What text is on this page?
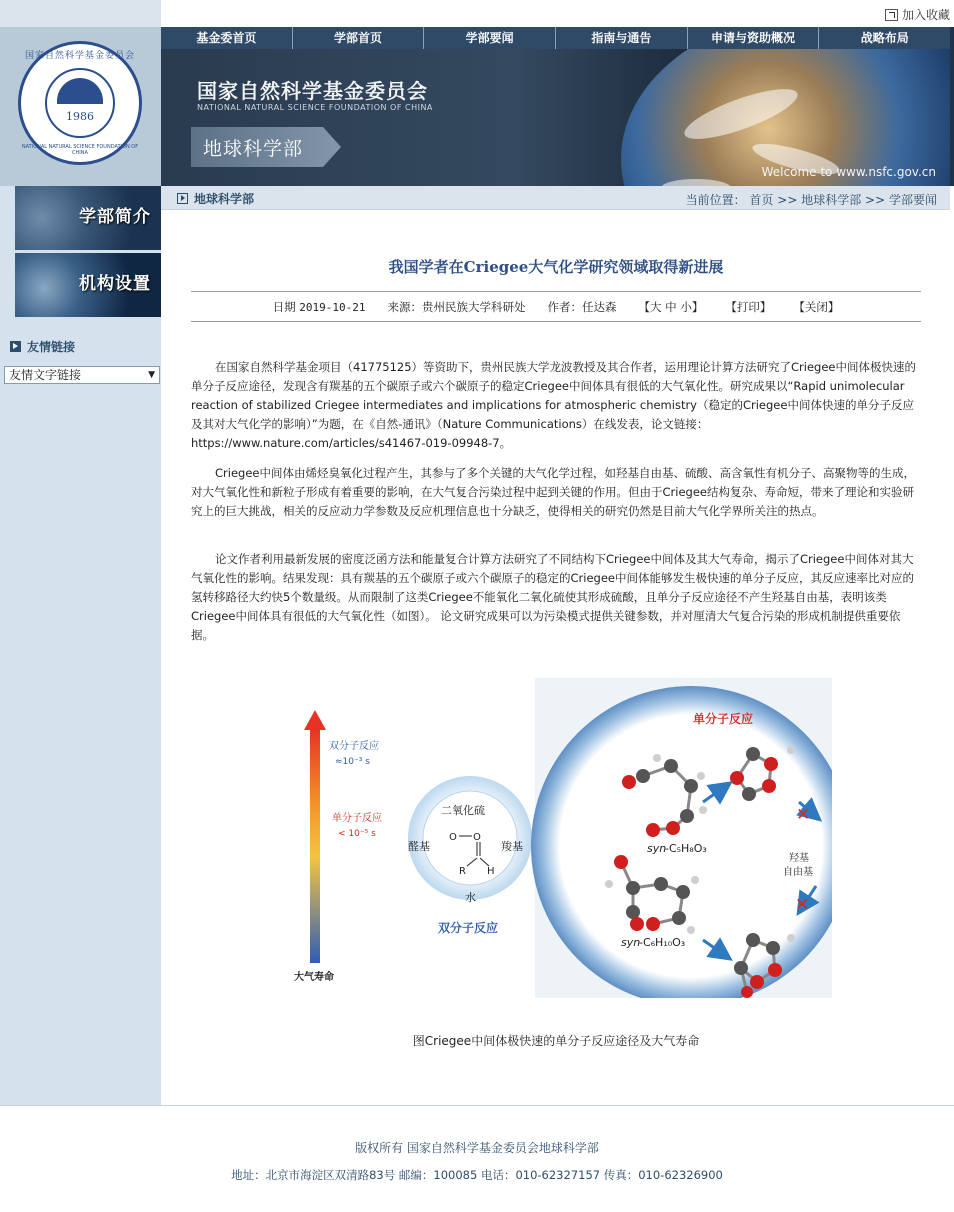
加入收藏
国家自然科学基金委员会
1986
NATIONAL NATURAL SCIENCE FOUNDATION OF CHINA
基金委首页	学部首页	学部要闻	指南与通告	申请与资助概况	战略布局
国家自然科学基金委员会
NATIONAL NATURAL SCIENCE FOUNDATION OF CHINA
地球科学部
Welcome to www.nsfc.gov.cn
学部简介
机构设置
友情链接
友情文字链接	▼
地球科学部	当前位置： 首页 >> 地球科学部 >> 学部要闻
我国学者在Criegee大气化学研究领域取得新进展
日期 2019-10-21 来源：贵州民族大学科研处 作者：任达森 【大 中 小】 【打印】 【关闭】

在国家自然科学基金项目（41775125）等资助下，贵州民族大学龙波教授及其合作者，运用理论计算方法研究了Criegee中间体极快速的单分子反应途径，发现含有羰基的五个碳原子或六个碳原子的稳定Criegee中间体具有很低的大气氧化性。研究成果以“Rapid unimolecular reaction of stabilized Criegee intermediates and implications for atmospheric chemistry（稳定的Criegee中间体快速的单分子反应及其对大气化学的影响）”为题，在《自然-通讯》（Nature Communications）在线发表，论文链接：https://www.nature.com/articles/s41467-019-09948-7。

Criegee中间体由烯烃臭氧化过程产生，其参与了多个关键的大气化学过程，如羟基自由基、硫酸、高含氧性有机分子、高聚物等的生成，对大气氧化性和新粒子形成有着重要的影响，在大气复合污染过程中起到关键的作用。但由于Criegee结构复杂、寿命短，带来了理论和实验研究上的巨大挑战，相关的反应动力学参数及反应机理信息也十分缺乏，使得相关的研究仍然是目前大气化学界所关注的热点。

论文作者利用最新发展的密度泛函方法和能量复合计算方法研究了不同结构下Criegee中间体及其大气寿命，揭示了Criegee中间体对其大气氧化性的影响。结果发现：具有羰基的五个碳原子或六个碳原子的稳定的Criegee中间体能够发生极快速的单分子反应，其反应速率比对应的氢转移路径大约快5个数量级。从而限制了这类Criegee不能氧化二氧化硫使其形成硫酸，且单分子反应途径不产生羟基自由基，表明该类Criegee中间体具有很低的大气氧化性（如图）。 论文研究成果可以为污染模式提供关键参数，并对厘清大气复合污染的形成机制提供重要依据。

双分子反应
≈10⁻³ s
单分子反应
< 10⁻⁵ s
大气寿命
二氧化硫
醛基	羧基
水
双分子反应
O O
R H
单分子反应
syn
-C₅H₈O₃
✕
羟基
自由基
✕
syn
-C₆H₁₀O₃
图Criegee中间体极快速的单分子反应途径及大气寿命
版权所有 国家自然科学基金委员会地球科学部
地址：北京市海淀区双清路83号 邮编：100085 电话：010-62327157 传真：010-62326900
